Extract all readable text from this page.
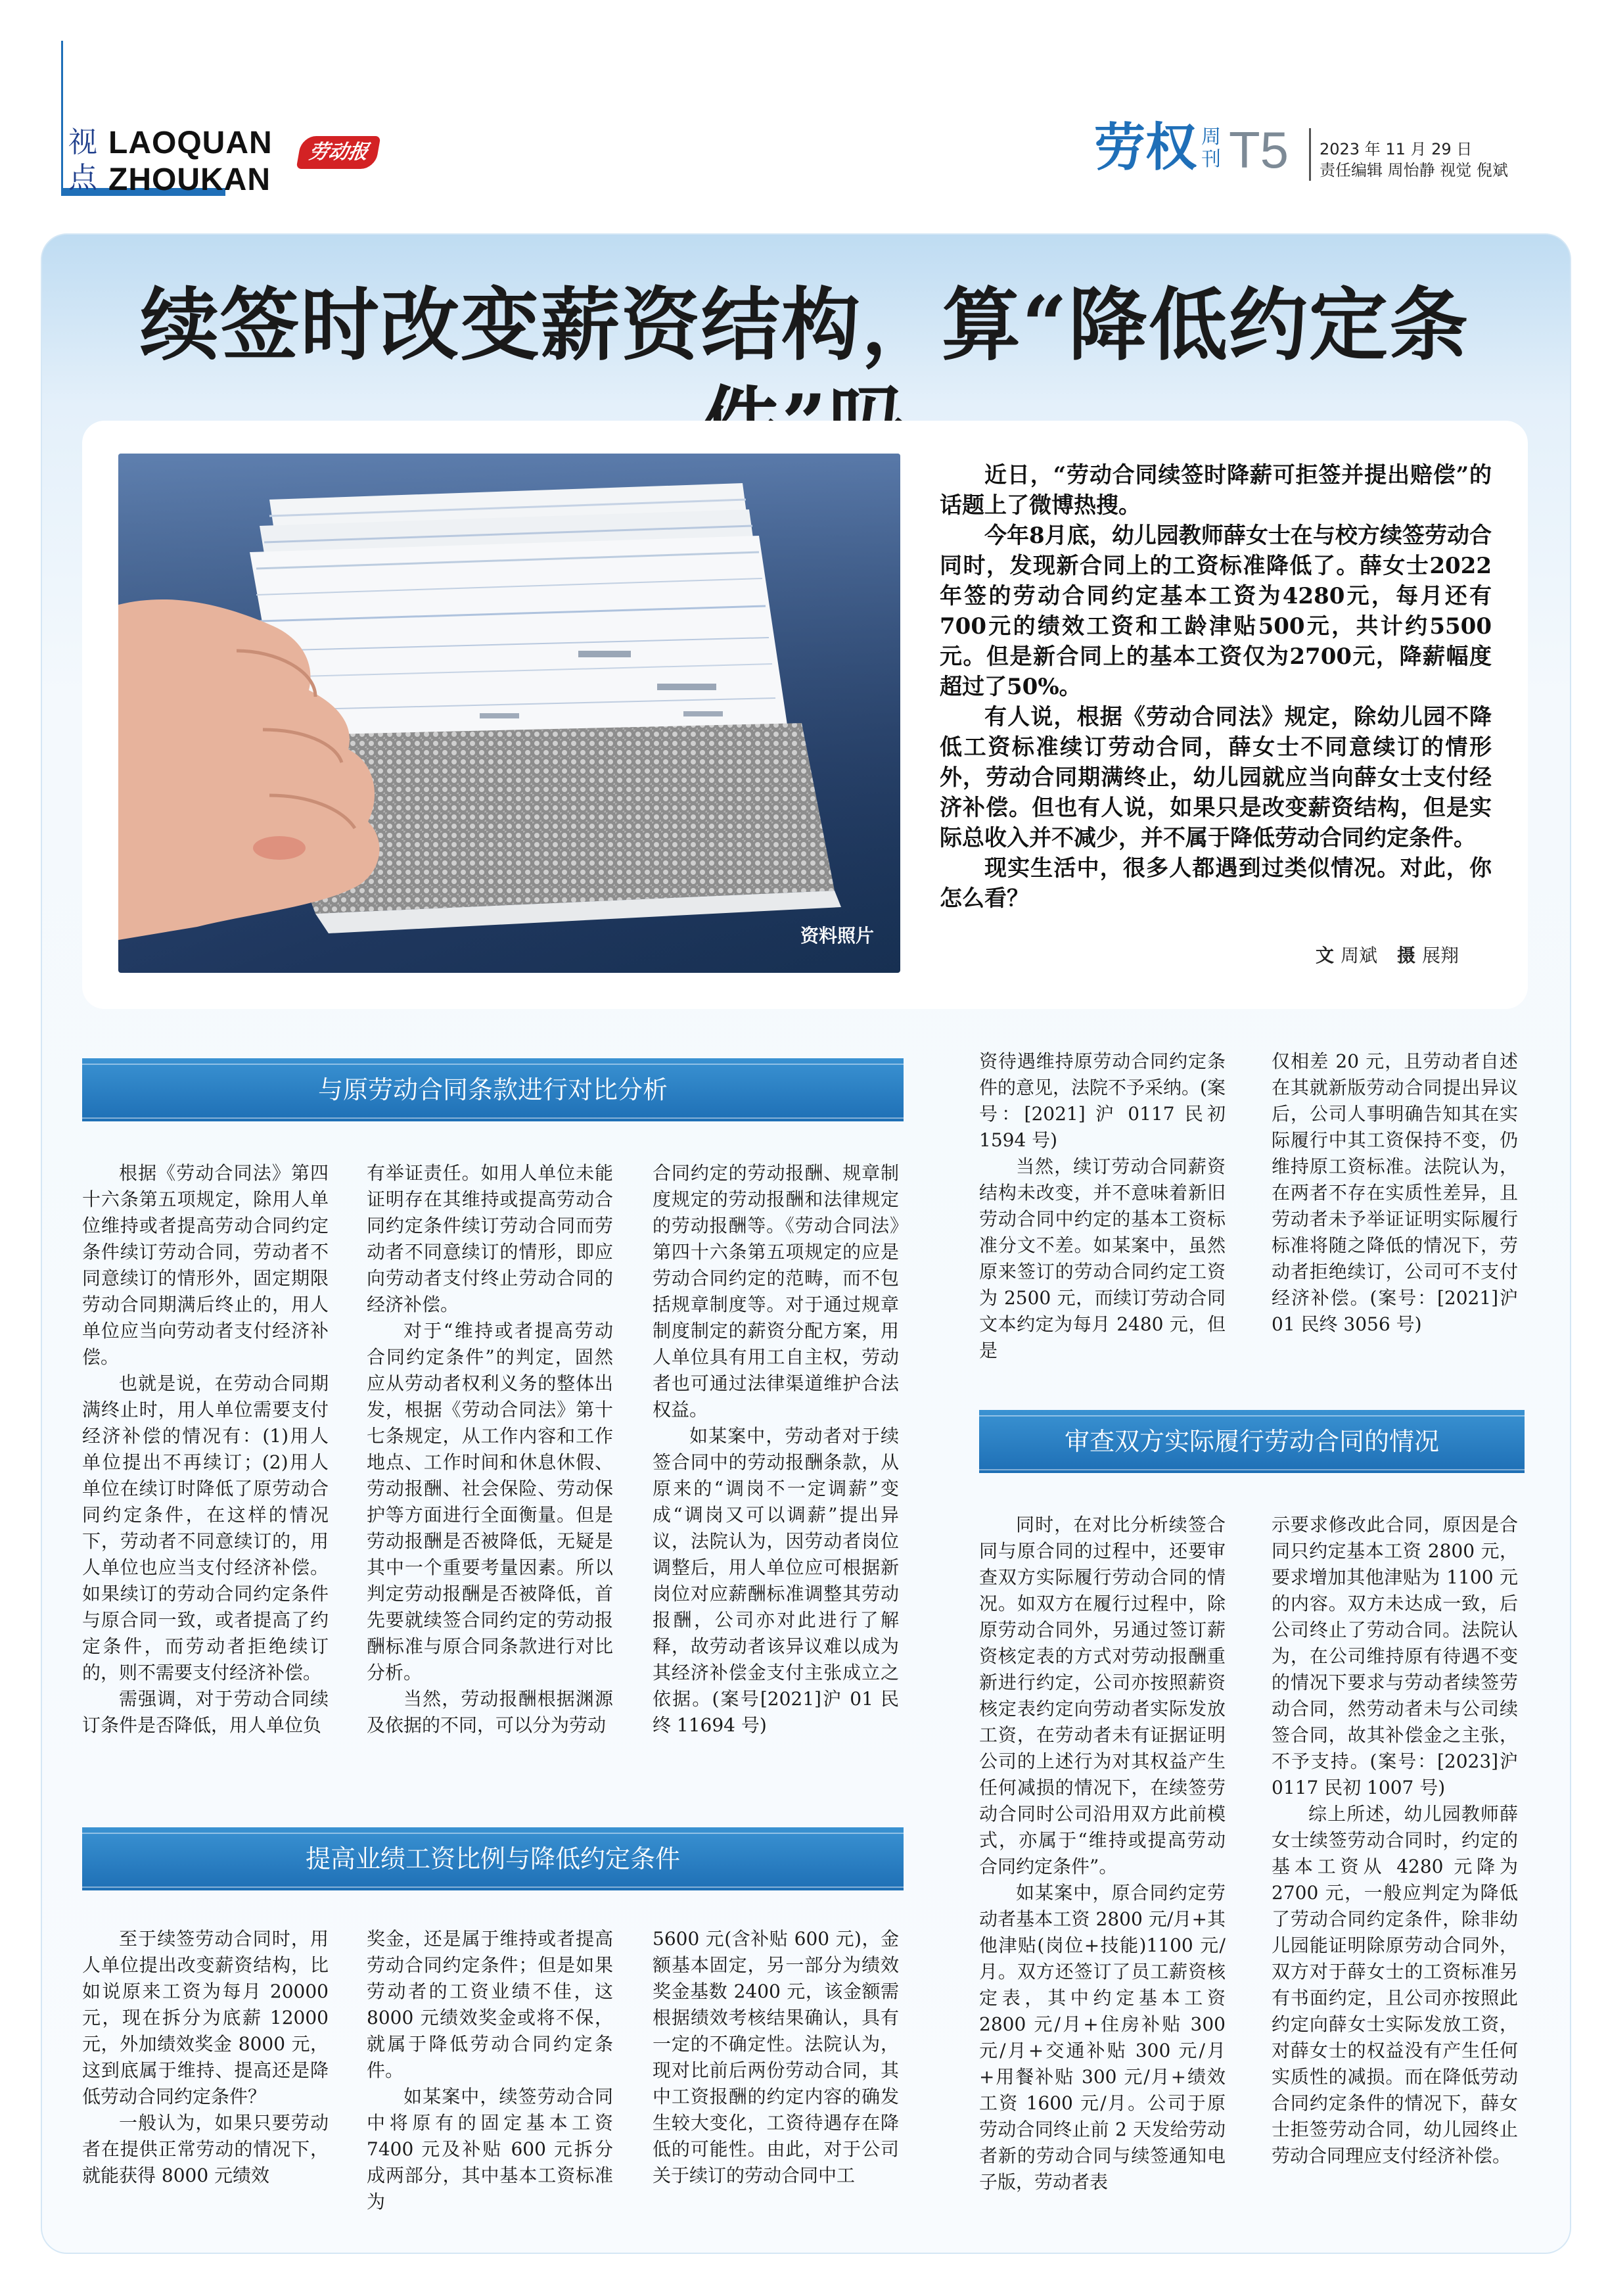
视点
LAOQUAN
ZHOUKAN
劳动报	劳权 周刊 T5 2023 年 11 月 29 日
责任编辑 周怡静 视觉 倪斌
续签时改变薪资结构，算“降低约定条
资料照片

近日，“劳动合同续签时降薪可拒签并提出赔偿”的话题上了微博热搜。

今年8月底，幼儿园教师薛女士在与校方续签劳动合同时，发现新合同上的工资标准降低了。薛女士2022年签的劳动合同约定基本工资为4280元，每月还有700元的绩效工资和工龄津贴500元，共计约5500元。但是新合同上的基本工资仅为2700元，降薪幅度超过了50%。

有人说，根据《劳动合同法》规定，除幼儿园不降低工资标准续订劳动合同，薛女士不同意续订的情形外，劳动合同期满终止，幼儿园就应当向薛女士支付经济补偿。但也有人说，如果只是改变薪资结构，但是实际总收入并不减少，并不属于降低劳动合同约定条件。

现实生活中，很多人都遇到过类似情况。对此，你怎么看？

文 周斌 摄 展翔
与原劳动合同条款进行对比分析
提高业绩工资比例与降低约定条件
审查双方实际履行劳动合同的情况

根据《劳动合同法》第四十六条第五项规定，除用人单位维持或者提高劳动合同约定条件续订劳动合同，劳动者不同意续订的情形外，固定期限劳动合同期满后终止的，用人单位应当向劳动者支付经济补偿。

也就是说，在劳动合同期满终止时，用人单位需要支付经济补偿的情况有：(1)用人单位提出不再续订；(2)用人单位在续订时降低了原劳动合同约定条件，在这样的情况下，劳动者不同意续订的，用人单位也应当支付经济补偿。如果续订的劳动合同约定条件与原合同一致，或者提高了约定条件，而劳动者拒绝续订的，则不需要支付经济补偿。

需强调，对于劳动合同续订条件是否降低，用人单位负

有举证责任。如用人单位未能证明存在其维持或提高劳动合同约定条件续订劳动合同而劳动者不同意续订的情形，即应向劳动者支付终止劳动合同的经济补偿。

对于“维持或者提高劳动合同约定条件”的判定，固然应从劳动者权利义务的整体出发，根据《劳动合同法》第十七条规定，从工作内容和工作地点、工作时间和休息休假、劳动报酬、社会保险、劳动保护等方面进行全面衡量。但是劳动报酬是否被降低，无疑是其中一个重要考量因素。所以判定劳动报酬是否被降低，首先要就续签合同约定的劳动报酬标准与原合同条款进行对比分析。

当然，劳动报酬根据渊源及依据的不同，可以分为劳动

合同约定的劳动报酬、规章制度规定的劳动报酬和法律规定的劳动报酬等。《劳动合同法》第四十六条第五项规定的应是劳动合同约定的范畴，而不包括规章制度等。对于通过规章制度制定的薪资分配方案，用人单位具有用工自主权，劳动者也可通过法律渠道维护合法权益。

如某案中，劳动者对于续签合同中的劳动报酬条款，从原来的“调岗不一定调薪”变成“调岗又可以调薪”提出异议，法院认为，因劳动者岗位调整后，用人单位应可根据新岗位对应薪酬标准调整其劳动报酬，公司亦对此进行了解释，故劳动者该异议难以成为其经济补偿金支付主张成立之依据。(案号[2021]沪 01 民终 11694 号)

资待遇维持原劳动合同约定条件的意见，法院不予采纳。(案号：[2021] 沪 0117 民初 1594 号)

当然，续订劳动合同薪资结构未改变，并不意味着新旧劳动合同中约定的基本工资标准分文不差。如某案中，虽然原来签订的劳动合同约定工资为 2500 元，而续订劳动合同文本约定为每月 2480 元，但是

仅相差 20 元，且劳动者自述在其就新版劳动合同提出异议后，公司人事明确告知其在实际履行中其工资保持不变，仍维持原工资标准。法院认为，在两者不存在实质性差异，且劳动者未予举证证明实际履行标准将随之降低的情况下，劳动者拒绝续订，公司可不支付经济补偿。(案号：[2021]沪 01 民终 3056 号)

至于续签劳动合同时，用人单位提出改变薪资结构，比如说原来工资为每月 20000 元，现在拆分为底薪 12000 元，外加绩效奖金 8000 元，这到底属于维持、提高还是降低劳动合同约定条件？

一般认为，如果只要劳动者在提供正常劳动的情况下，就能获得 8000 元绩效

奖金，还是属于维持或者提高劳动合同约定条件；但是如果劳动者的工资业绩不佳，这 8000 元绩效奖金或将不保，就属于降低劳动合同约定条件。

如某案中，续签劳动合同中将原有的固定基本工资 7400 元及补贴 600 元拆分成两部分，其中基本工资标准为

5600 元(含补贴 600 元)，金额基本固定，另一部分为绩效奖金基数 2400 元，该金额需根据绩效考核结果确认，具有一定的不确定性。法院认为，现对比前后两份劳动合同，其中工资报酬的约定内容的确发生较大变化，工资待遇存在降低的可能性。由此，对于公司关于续订的劳动合同中工

同时，在对比分析续签合同与原合同的过程中，还要审查双方实际履行劳动合同的情况。如双方在履行过程中，除原劳动合同外，另通过签订薪资核定表的方式对劳动报酬重新进行约定，公司亦按照薪资核定表约定向劳动者实际发放工资，在劳动者未有证据证明公司的上述行为对其权益产生任何减损的情况下，在续签劳动合同时公司沿用双方此前模式，亦属于“维持或提高劳动合同约定条件”。

如某案中，原合同约定劳动者基本工资 2800 元/月+其他津贴(岗位+技能)1100 元/月。双方还签订了员工薪资核定表，其中约定基本工资 2800 元/月+住房补贴 300 元/月+交通补贴 300 元/月+用餐补贴 300 元/月+绩效工资 1600 元/月。公司于原劳动合同终止前 2 天发给劳动者新的劳动合同与续签通知电子版，劳动者表

示要求修改此合同，原因是合同只约定基本工资 2800 元，要求增加其他津贴为 1100 元的内容。双方未达成一致，后公司终止了劳动合同。法院认为，在公司维持原有待遇不变的情况下要求与劳动者续签劳动合同，然劳动者未与公司续签合同，故其补偿金之主张，不予支持。(案号：[2023]沪 0117 民初 1007 号)

综上所述，幼儿园教师薛女士续签劳动合同时，约定的基本工资从 4280 元降为 2700 元，一般应判定为降低了劳动合同约定条件，除非幼儿园能证明除原劳动合同外，双方对于薛女士的工资标准另有书面约定，且公司亦按照此约定向薛女士实际发放工资，对薛女士的权益没有产生任何实质性的减损。而在降低劳动合同约定条件的情况下，薛女士拒签劳动合同，幼儿园终止劳动合同理应支付经济补偿。
